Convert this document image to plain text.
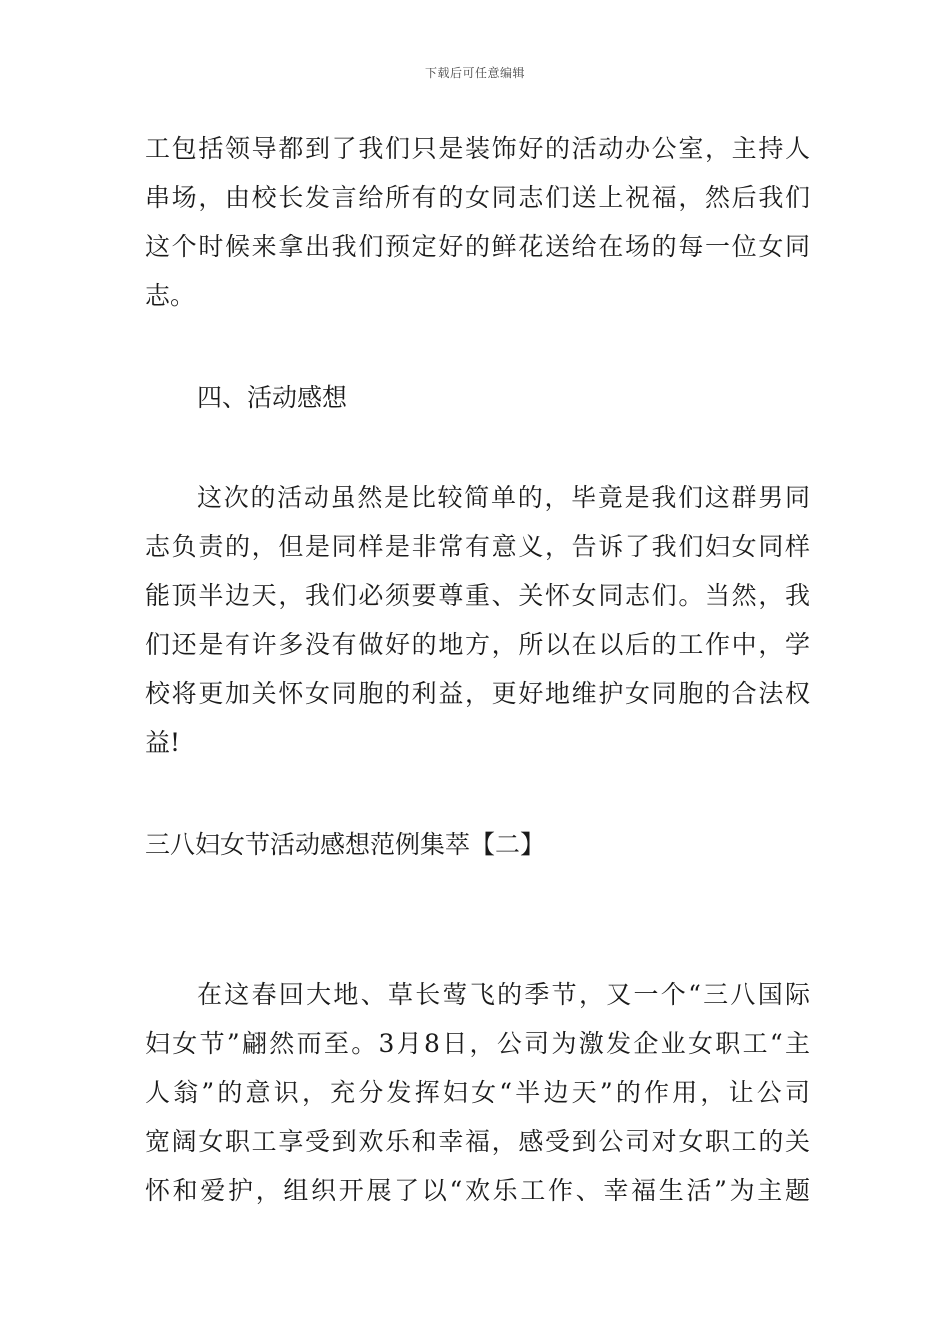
下载后可任意编辑
工包括领导都到了我们只是装饰好的活动办公室，主持人
串场，由校长发言给所有的女同志们送上祝福，然后我们
这个时候来拿出我们预定好的鲜花送给在场的每一位女同
志。
四、活动感想
这次的活动虽然是比较简单的，毕竟是我们这群男同
志负责的，但是同样是非常有意义，告诉了我们妇女同样
能顶半边天，我们必须要尊重、关怀女同志们。当然，我
们还是有许多没有做好的地方，所以在以后的工作中，学
校将更加关怀女同胞的利益，更好地维护女同胞的合法权
益!
三八妇女节活动感想范例集萃【二】
在这春回大地、草长莺飞的季节，又一个“三八国际
妇女节”翩然而至。3月8日，公司为激发企业女职工“主
人翁”的意识，充分发挥妇女“半边天”的作用，让公司
宽阔女职工享受到欢乐和幸福，感受到公司对女职工的关
怀和爱护，组织开展了以“欢乐工作、幸福生活”为主题
